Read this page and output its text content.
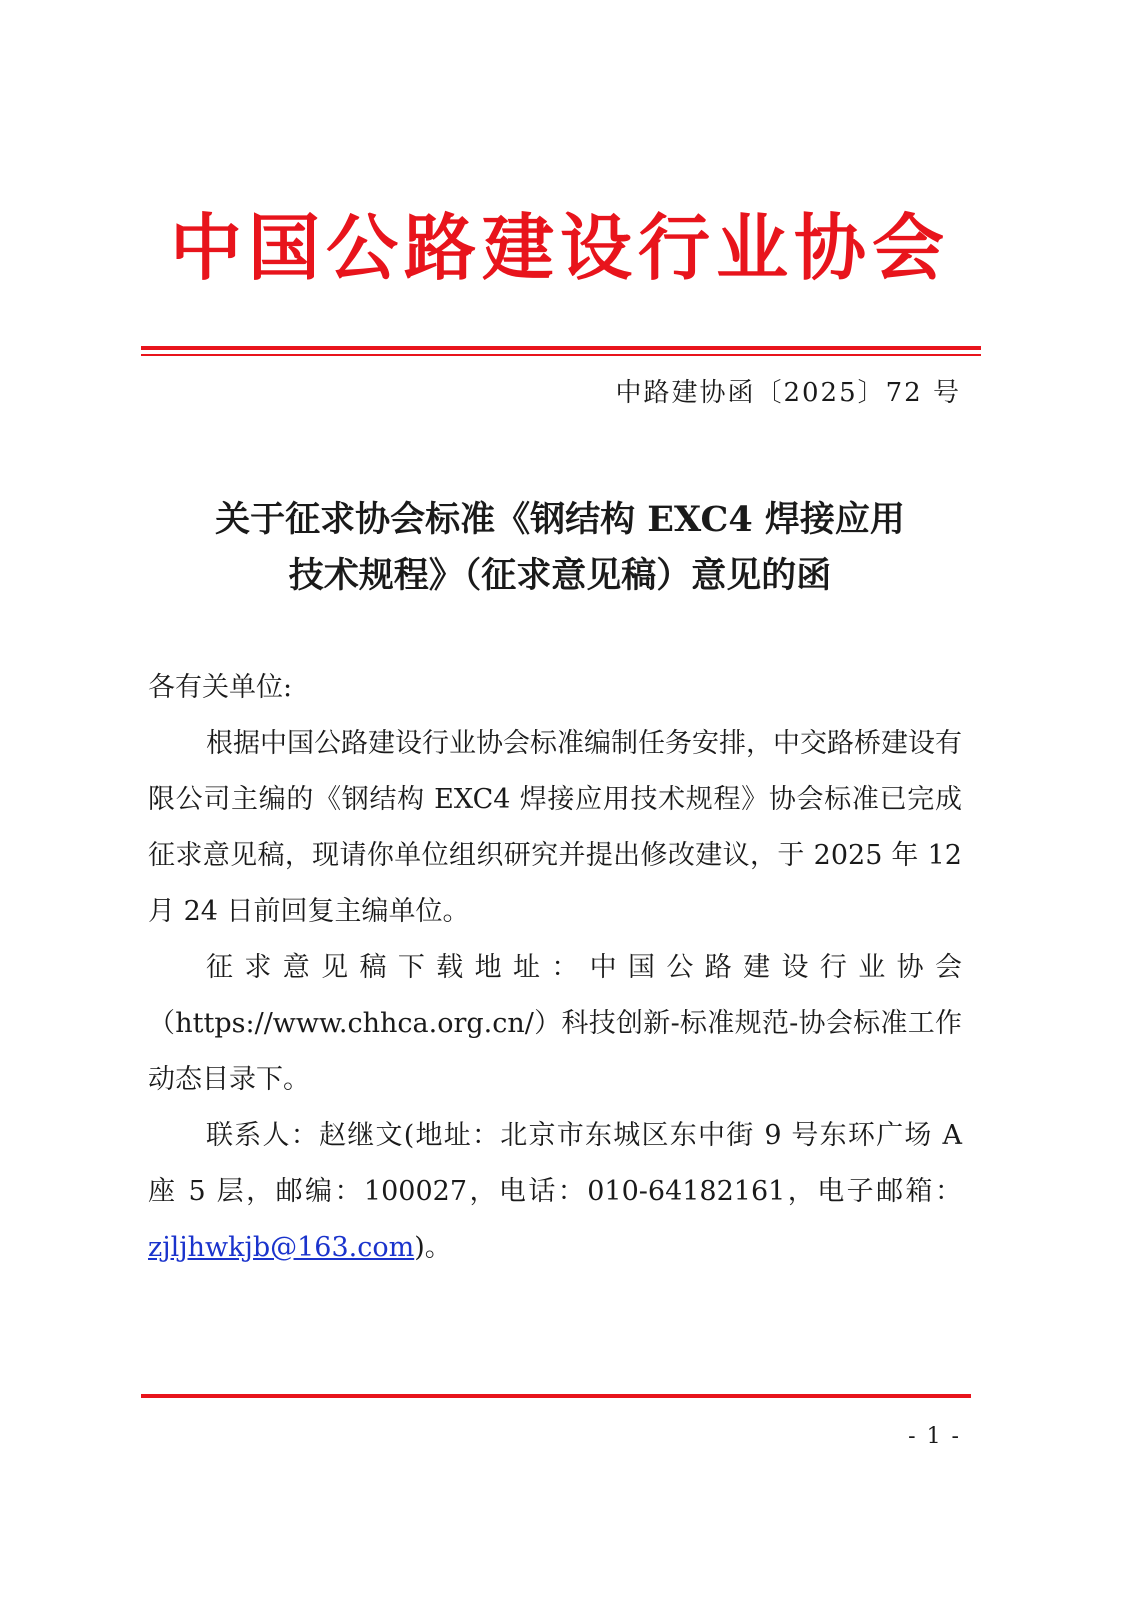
中国公路建设行业协会
中路建协函〔2025〕72 号
关于征求协会标准《钢结构 EXC4 焊接应用
技术规程》（征求意见稿）意见的函

各有关单位:

根据中国公路建设行业协会标准编制任务安排，中交路桥建设有限公司主编的《钢结构 EXC4 焊接应用技术规程》协会标准已完成征求意见稿，现请你单位组织研究并提出修改建议，于 2025 年 12 月 24 日前回复主编单位。

征求意见稿下载地址：中国公路建设行业协会（https://www.chhca.org.cn/）科技创新-标准规范-协会标准工作动态目录下。

联系人：赵继文(地址：北京市东城区东中街 9 号东环广场 A 座 5 层，邮编：100027，电话：010-64182161，电子邮箱：zjljhwkjb@163.com)。

- 1 -
